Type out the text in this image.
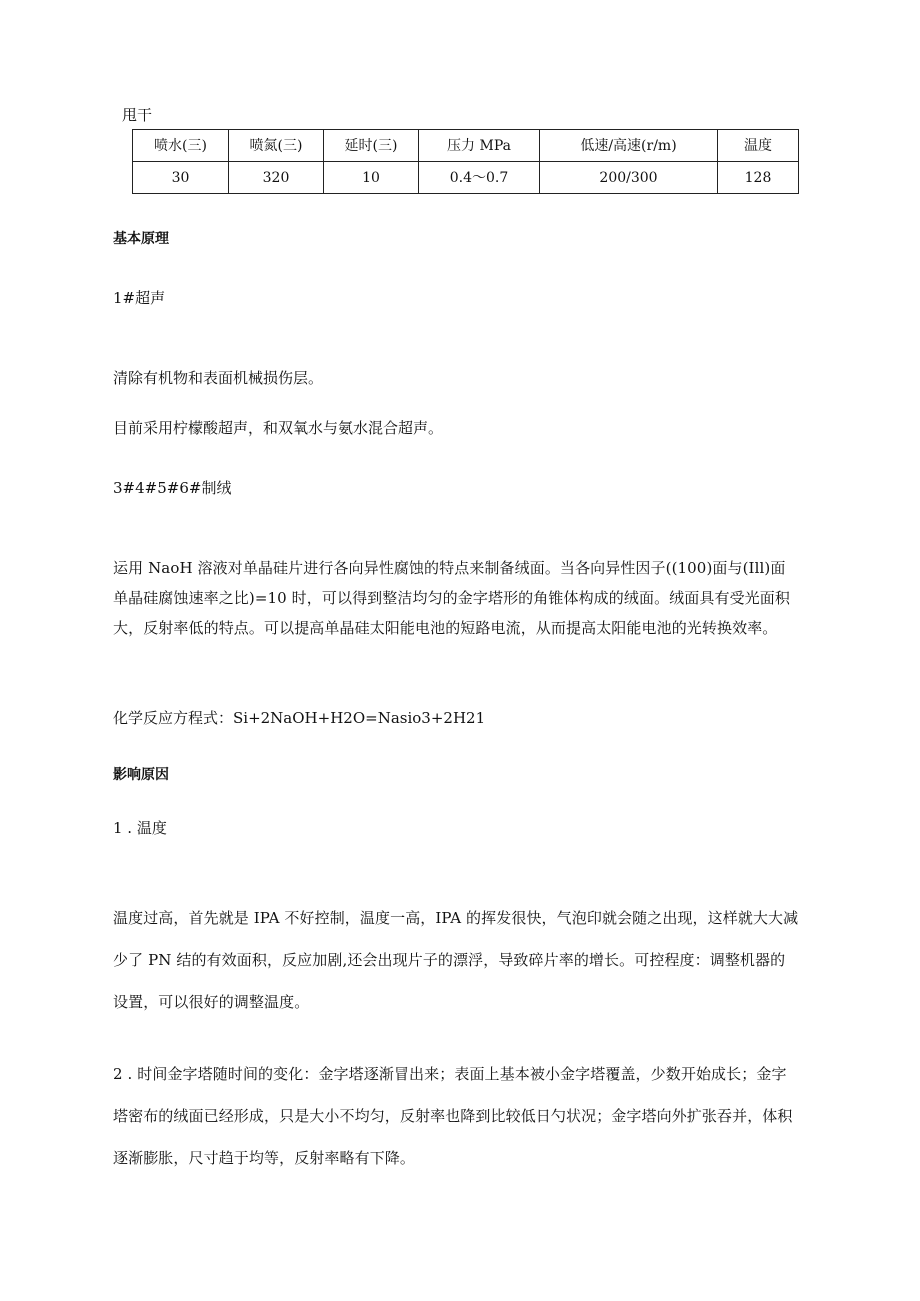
甩干
喷水(三)	喷氮(三)	延时(三)	压力 MPa	低速/高速(r/m)	温度
30	320	10	0.4～0.7	200/300	128
基本原理
1#超声
清除有机物和表面机械损伤层。
目前采用柠檬酸超声，和双氧水与氨水混合超声。
3#4#5#6#制绒
运用 NaoH 溶液对单晶硅片进行各向异性腐蚀的特点来制备绒面。当各向异性因子((100)面与(Ill)面单晶硅腐蚀速率之比)=10 时，可以得到整洁均匀的金字塔形的角锥体构成的绒面。绒面具有受光面积大，反射率低的特点。可以提高单晶硅太阳能电池的短路电流，从而提高太阳能电池的光转换效率。
化学反应方程式：Si+2NaOH+H2O=Nasio3+2H21
影响原因
1 . 温度
温度过高，首先就是 IPA 不好控制，温度一高，IPA 的挥发很快，气泡印就会随之出现，这样就大大减少了 PN 结的有效面积，反应加剧,还会出现片子的漂浮，导致碎片率的增长。可控程度：调整机器的设置，可以很好的调整温度。
2 . 时间金字塔随时间的变化：金字塔逐渐冒出来；表面上基本被小金字塔覆盖，少数开始成长；金字塔密布的绒面已经形成，只是大小不均匀，反射率也降到比较低日勺状况；金字塔向外扩张吞并，体积逐渐膨胀，尺寸趋于均等，反射率略有下降。
